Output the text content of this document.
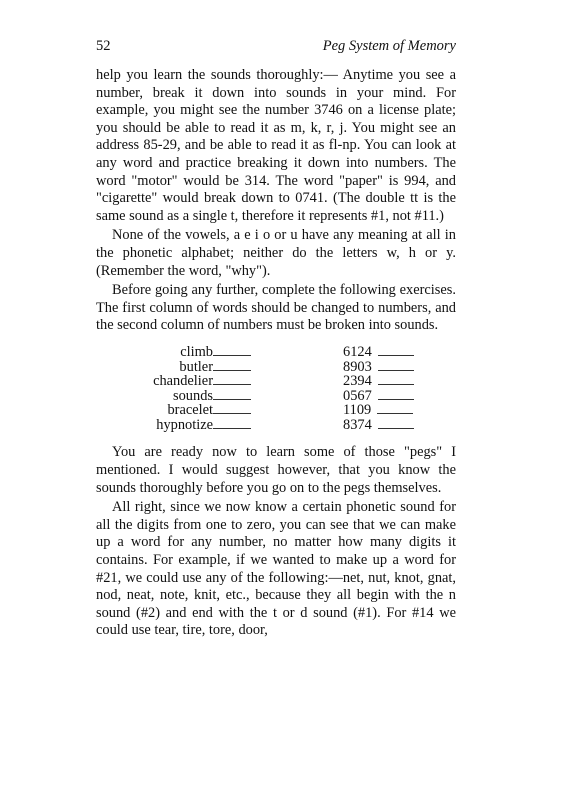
52	Peg System of Memory

help you learn the sounds thoroughly:— Anytime you see a number, break it down into sounds in your mind. For example, you might see the number 3746 on a license plate; you should be able to read it as m, k, r, j. You might see an address 85-29, and be able to read it as fl-np. You can look at any word and practice breaking it down into numbers. The word "motor" would be 314. The word "paper" is 994, and "cigarette" would break down to 0741. (The double tt is the same sound as a single t, therefore it represents #1, not #11.)

None of the vowels, a e i o or u have any meaning at all in the phonetic alphabet; neither do the letters w, h or y. (Remember the word, "why").

Before going any further, complete the following exercises. The first column of words should be changed to numbers, and the second column of numbers must be broken into sounds.

climb	6124
butler	8903
chandelier	2394
sounds	0567
bracelet	1109
hypnotize	8374

You are ready now to learn some of those "pegs" I mentioned. I would suggest however, that you know the sounds thoroughly before you go on to the pegs themselves.

All right, since we now know a certain phonetic sound for all the digits from one to zero, you can see that we can make up a word for any number, no matter how many digits it contains. For example, if we wanted to make up a word for #21, we could use any of the following:—net, nut, knot, gnat, nod, neat, note, knit, etc., because they all begin with the n sound (#2) and end with the t or d sound (#1). For #14 we could use tear, tire, tore, door,
